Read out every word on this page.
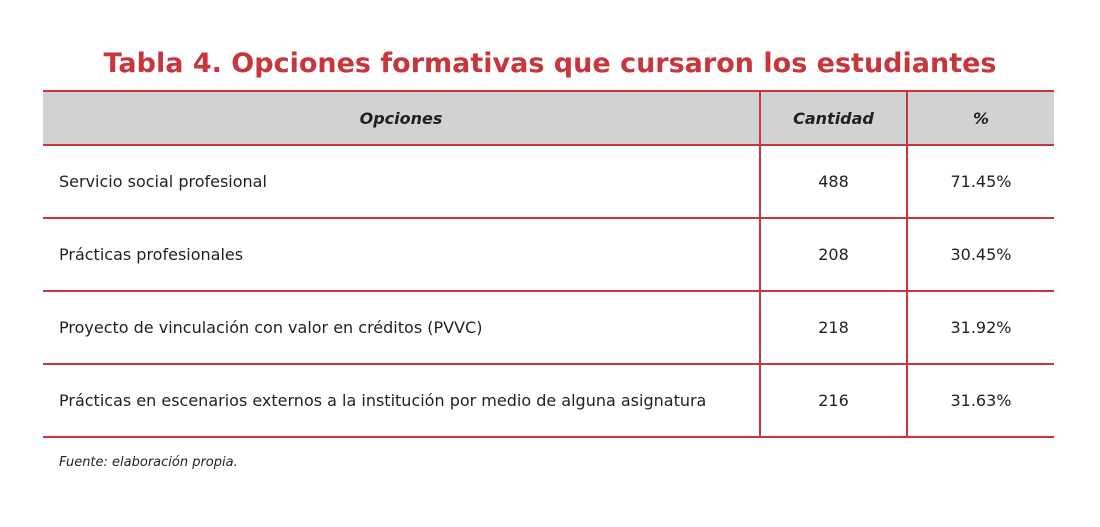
Tabla 4. Opciones formativas que cursaron los estudiantes
Opciones	Cantidad	%
Servicio social profesional	488	71.45%
Prácticas profesionales	208	30.45%
Proyecto de vinculación con valor en créditos (PVVC)	218	31.92%
Prácticas en escenarios externos a la institución por medio de alguna asignatura	216	31.63%
Fuente: elaboración propia.
